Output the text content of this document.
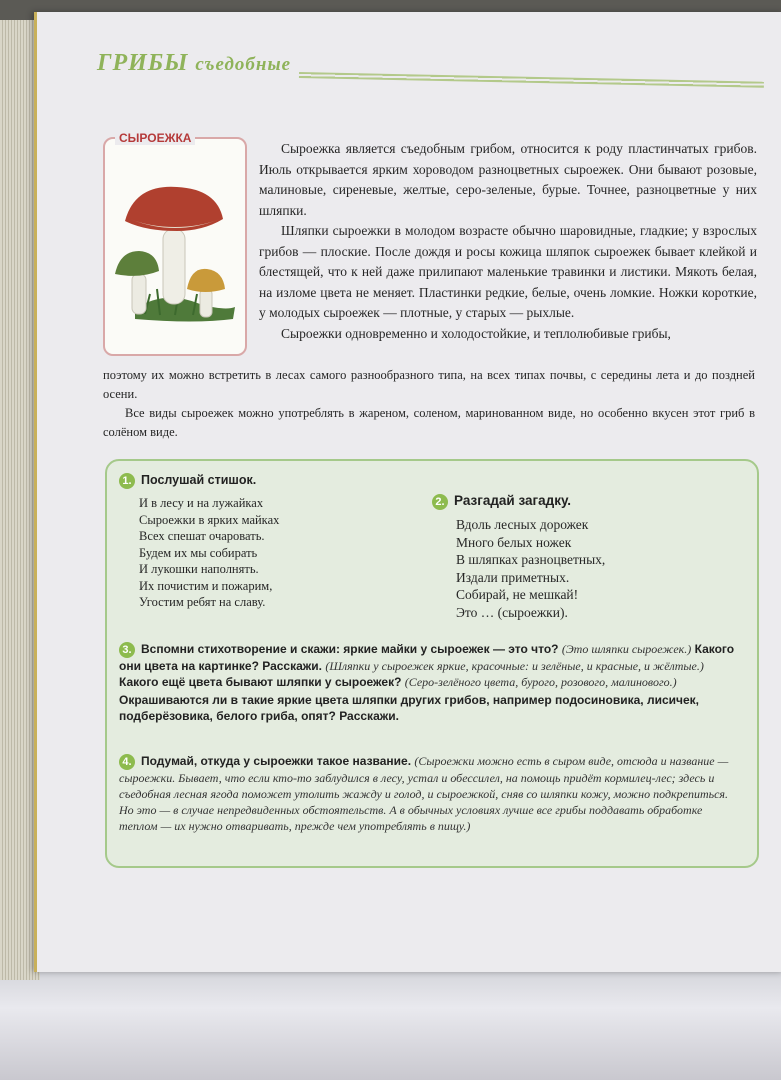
ГРИБЫ съедобные
СЫРОЕЖКА

Сыроежка является съедобным грибом, относится к роду пластинчатых грибов. Июль открывается ярким хороводом разноцветных сыроежек. Они бывают розовые, малиновые, сиреневые, желтые, серо-зеленые, бурые. Точнее, разноцветные у них шляпки.

Шляпки сыроежки в молодом возрасте обычно шаровидные, гладкие; у взрослых грибов — плоские. После дождя и росы кожица шляпок сыроежек бывает клейкой и блестящей, что к ней даже прилипают маленькие травинки и листики. Мякоть белая, на изломе цвета не меняет. Пластинки редкие, белые, очень ломкие. Ножки короткие, у молодых сыроежек — плотные, у старых — рыхлые.

Сыроежки одновременно и холодостойкие, и теплолюбивые грибы,

поэтому их можно встретить в лесах самого разнообразного типа, на всех типах почвы, с середины лета и до поздней осени.

Все виды сыроежек можно употреблять в жареном, соленом, маринованном виде, но особенно вкусен этот гриб в солёном виде.

1. Послушай стишок.
И в лесу и на лужайках
Сыроежки в ярких майках
Всех спешат очаровать.
Будем их мы собирать
И лукошки наполнять.
Их почистим и пожарим,
Угостим ребят на славу.
2. Разгадай загадку.
Вдоль лесных дорожек
Много белых ножек
В шляпках разноцветных,
Издали приметных.
Собирай, не мешкай!
Это … (сыроежки).
3. Вспомни стихотворение и скажи: яркие майки у сыроежек — это что? (Это шляпки сыроежек.) Какого они цвета на картинке? Расскажи. (Шляпки у сыроежек яркие, красочные: и зелёные, и красные, и жёлтые.) Какого ещё цвета бывают шляпки у сыроежек? (Серо-зелёного цвета, бурого, розового, малинового.)
Окрашиваются ли в такие яркие цвета шляпки других грибов, например подосиновика, лисичек, подберёзовика, белого гриба, опят? Расскажи.
4. Подумай, откуда у сыроежки такое название. (Сыроежки можно есть в сыром виде, отсюда и название — сыроежки. Бывает, что если кто-то заблудился в лесу, устал и обессилел, на помощь придёт кормилец-лес; здесь и съедобная лесная ягода поможет утолить жажду и голод, и сыроежкой, сняв со шляпки кожу, можно подкрепиться. Но это — в случае непредвиденных обстоятельств. А в обычных условиях лучше все грибы поддавать обработке теплом — их нужно отваривать, прежде чем употреблять в пищу.)
